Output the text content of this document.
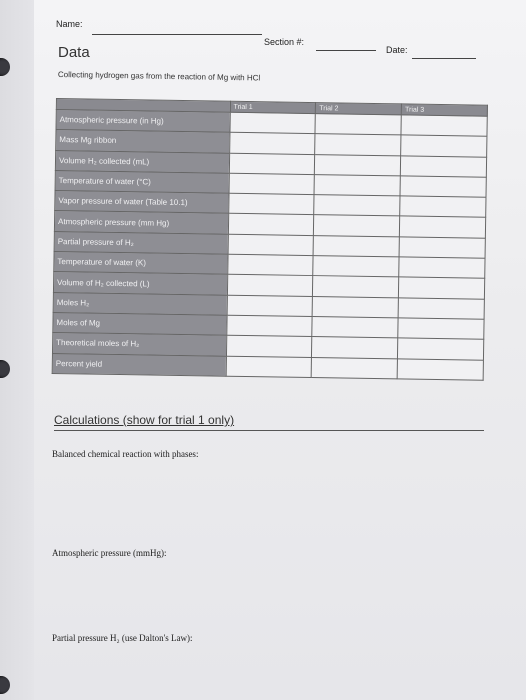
Name:
Section #:
Date:
Data
Collecting hydrogen gas from the reaction of Mg with HCl
	Trial 1	Trial 2	Trial 3
Atmospheric pressure (in Hg)			
Mass Mg ribbon			
Volume H₂ collected (mL)			
Temperature of water (°C)			
Vapor pressure of water (Table 10.1)			
Atmospheric pressure (mm Hg)			
Partial pressure of H₂			
Temperature of water (K)			
Volume of H₂ collected (L)			
Moles H₂			
Moles of Mg			
Theoretical moles of H₂			
Percent yield			
Calculations (show for trial 1 only)
Balanced chemical reaction with phases:
Atmospheric pressure (mmHg):
Partial pressure H₂ (use Dalton's Law):
